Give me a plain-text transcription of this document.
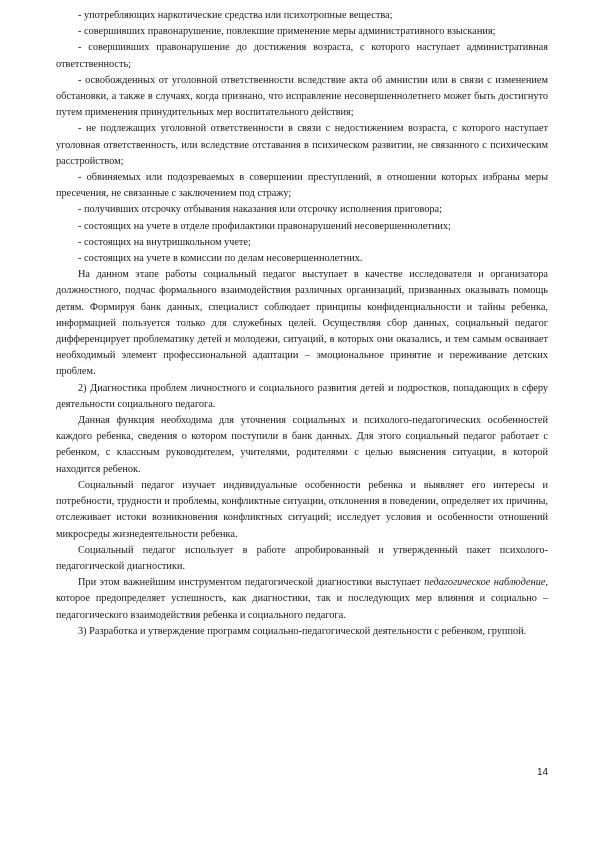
- употребляющих наркотические средства или психотропные вещества;

- совершивших правонарушение, повлекшие применение меры административного взыскания;

- совершивших правонарушение до достижения возраста, с которого наступает административная ответственность;

- освобожденных от уголовной ответственности вследствие акта об амнистии или в связи с изменением обстановки, а также в случаях, когда признано, что исправление несовершеннолетнего может быть достигнуто путем применения принудительных мер воспитательного действия;

- не подлежащих уголовной ответственности в связи с недостижением возраста, с которого наступает уголовная ответственность, или вследствие отставания в психическом развитии, не связанного с психическим расстройством;

- обвиняемых или подозреваемых в совершении преступлений, в отношении которых избраны меры пресечения, не связанные с заключением под стражу;

- получивших отсрочку отбывания наказания или отсрочку исполнения приговора;

- состоящих на учете в отделе профилактики правонарушений несовершеннолетних;

- состоящих на внутришкольном учете;

- состоящих на учете в комиссии по делам несовершеннолетних.

На данном этапе работы социальный педагог выступает в качестве исследователя и организатора должностного, подчас формального взаимодействия различных организаций, призванных оказывать помощь детям. Формируя банк данных, специалист соблюдает принципы конфиденциальности и тайны ребенка, информацией пользуется только для служебных целей. Осуществляя сбор данных, социальный педагог дифференцирует проблематику детей и молодежи, ситуаций, в которых они оказались, и тем самым осваивает необходимый элемент профессиональной адаптации – эмоциональное принятие и переживание детских проблем.

2) Диагностика проблем личностного и социального развития детей и подростков, попадающих в сферу деятельности социального педагога.

Данная функция необходима для уточнения социальных и психолого-педагогических особенностей каждого ребенка, сведения о котором поступили в банк данных. Для этого социальный педагог работает с ребенком, с классным руководителем, учителями, родителями с целью выяснения ситуации, в которой находится ребенок.

Социальный педагог изучает индивидуальные особенности ребенка и выявляет его интересы и потребности, трудности и проблемы, конфликтные ситуации, отклонения в поведении, определяет их причины, отслеживает истоки возникновения конфликтных ситуаций; исследует условия и особенности отношений микросреды жизнедеятельности ребенка.

Социальный педагог использует в работе апробированный и утвержденный пакет психолого-педагогической диагностики.

При этом важнейшим инструментом педагогической диагностики выступает педагогическое наблюдение, которое предопределяет успешность, как диагностики, так и последующих мер влияния и социально – педагогического взаимодействия ребенка и социального педагога.

3) Разработка и утверждение программ социально-педагогической деятельности с ребенком, группой.

14
